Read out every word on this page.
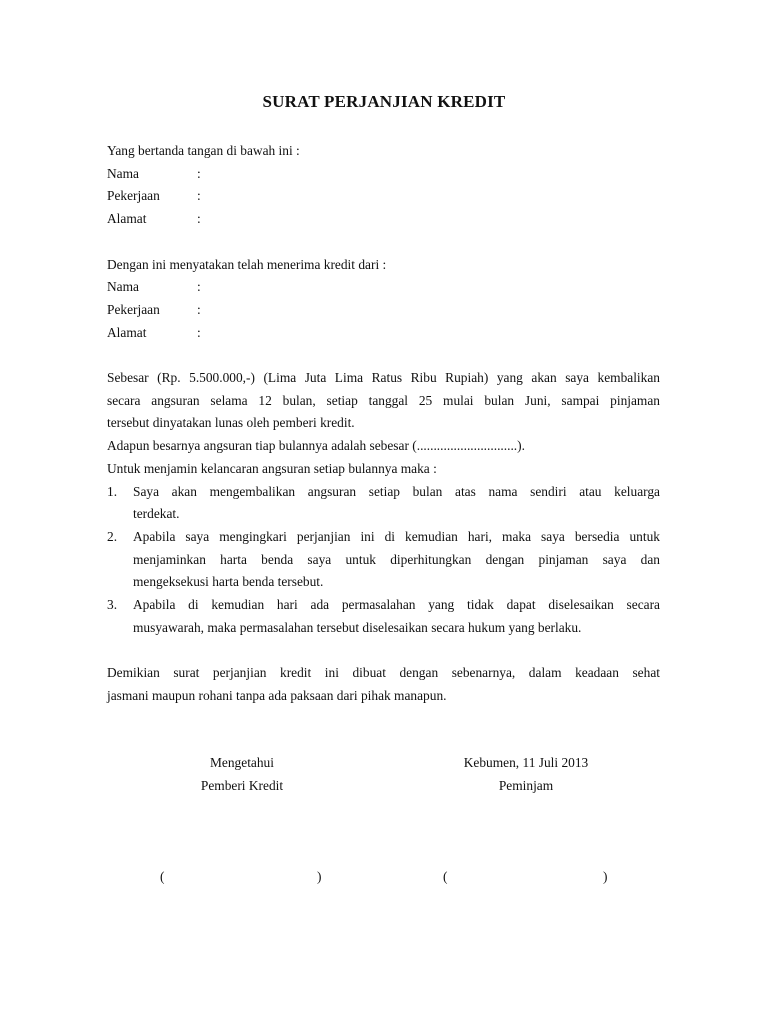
SURAT PERJANJIAN KREDIT
Yang bertanda tangan di bawah ini :
Nama	:
Pekerjaan	:
Alamat	:
Dengan ini menyatakan telah menerima kredit dari :
Nama	:
Pekerjaan	:
Alamat	:
Sebesar (Rp. 5.500.000,-) (Lima Juta Lima Ratus Ribu Rupiah) yang akan saya kembalikan
secara angsuran selama 12 bulan, setiap tanggal 25 mulai bulan Juni, sampai pinjaman
tersebut dinyatakan lunas oleh pemberi kredit.
Adapun besarnya angsuran tiap bulannya adalah sebesar (..............................).
Untuk menjamin kelancaran angsuran setiap bulannya maka :
1. Saya akan mengembalikan angsuran setiap bulan atas nama sendiri atau keluarga
terdekat.
2. Apabila saya mengingkari perjanjian ini di kemudian hari, maka saya bersedia untuk
menjaminkan harta benda saya untuk diperhitungkan dengan pinjaman saya dan
mengeksekusi harta benda tersebut.
3. Apabila di kemudian hari ada permasalahan yang tidak dapat diselesaikan secara
musyawarah, maka permasalahan tersebut diselesaikan secara hukum yang berlaku.
Demikian surat perjanjian kredit ini dibuat dengan sebenarnya, dalam keadaan sehat
jasmani maupun rohani tanpa ada paksaan dari pihak manapun.
Mengetahui
Pemberi Kredit
Kebumen, 11 Juli 2013
Peminjam
(	)	(	)
